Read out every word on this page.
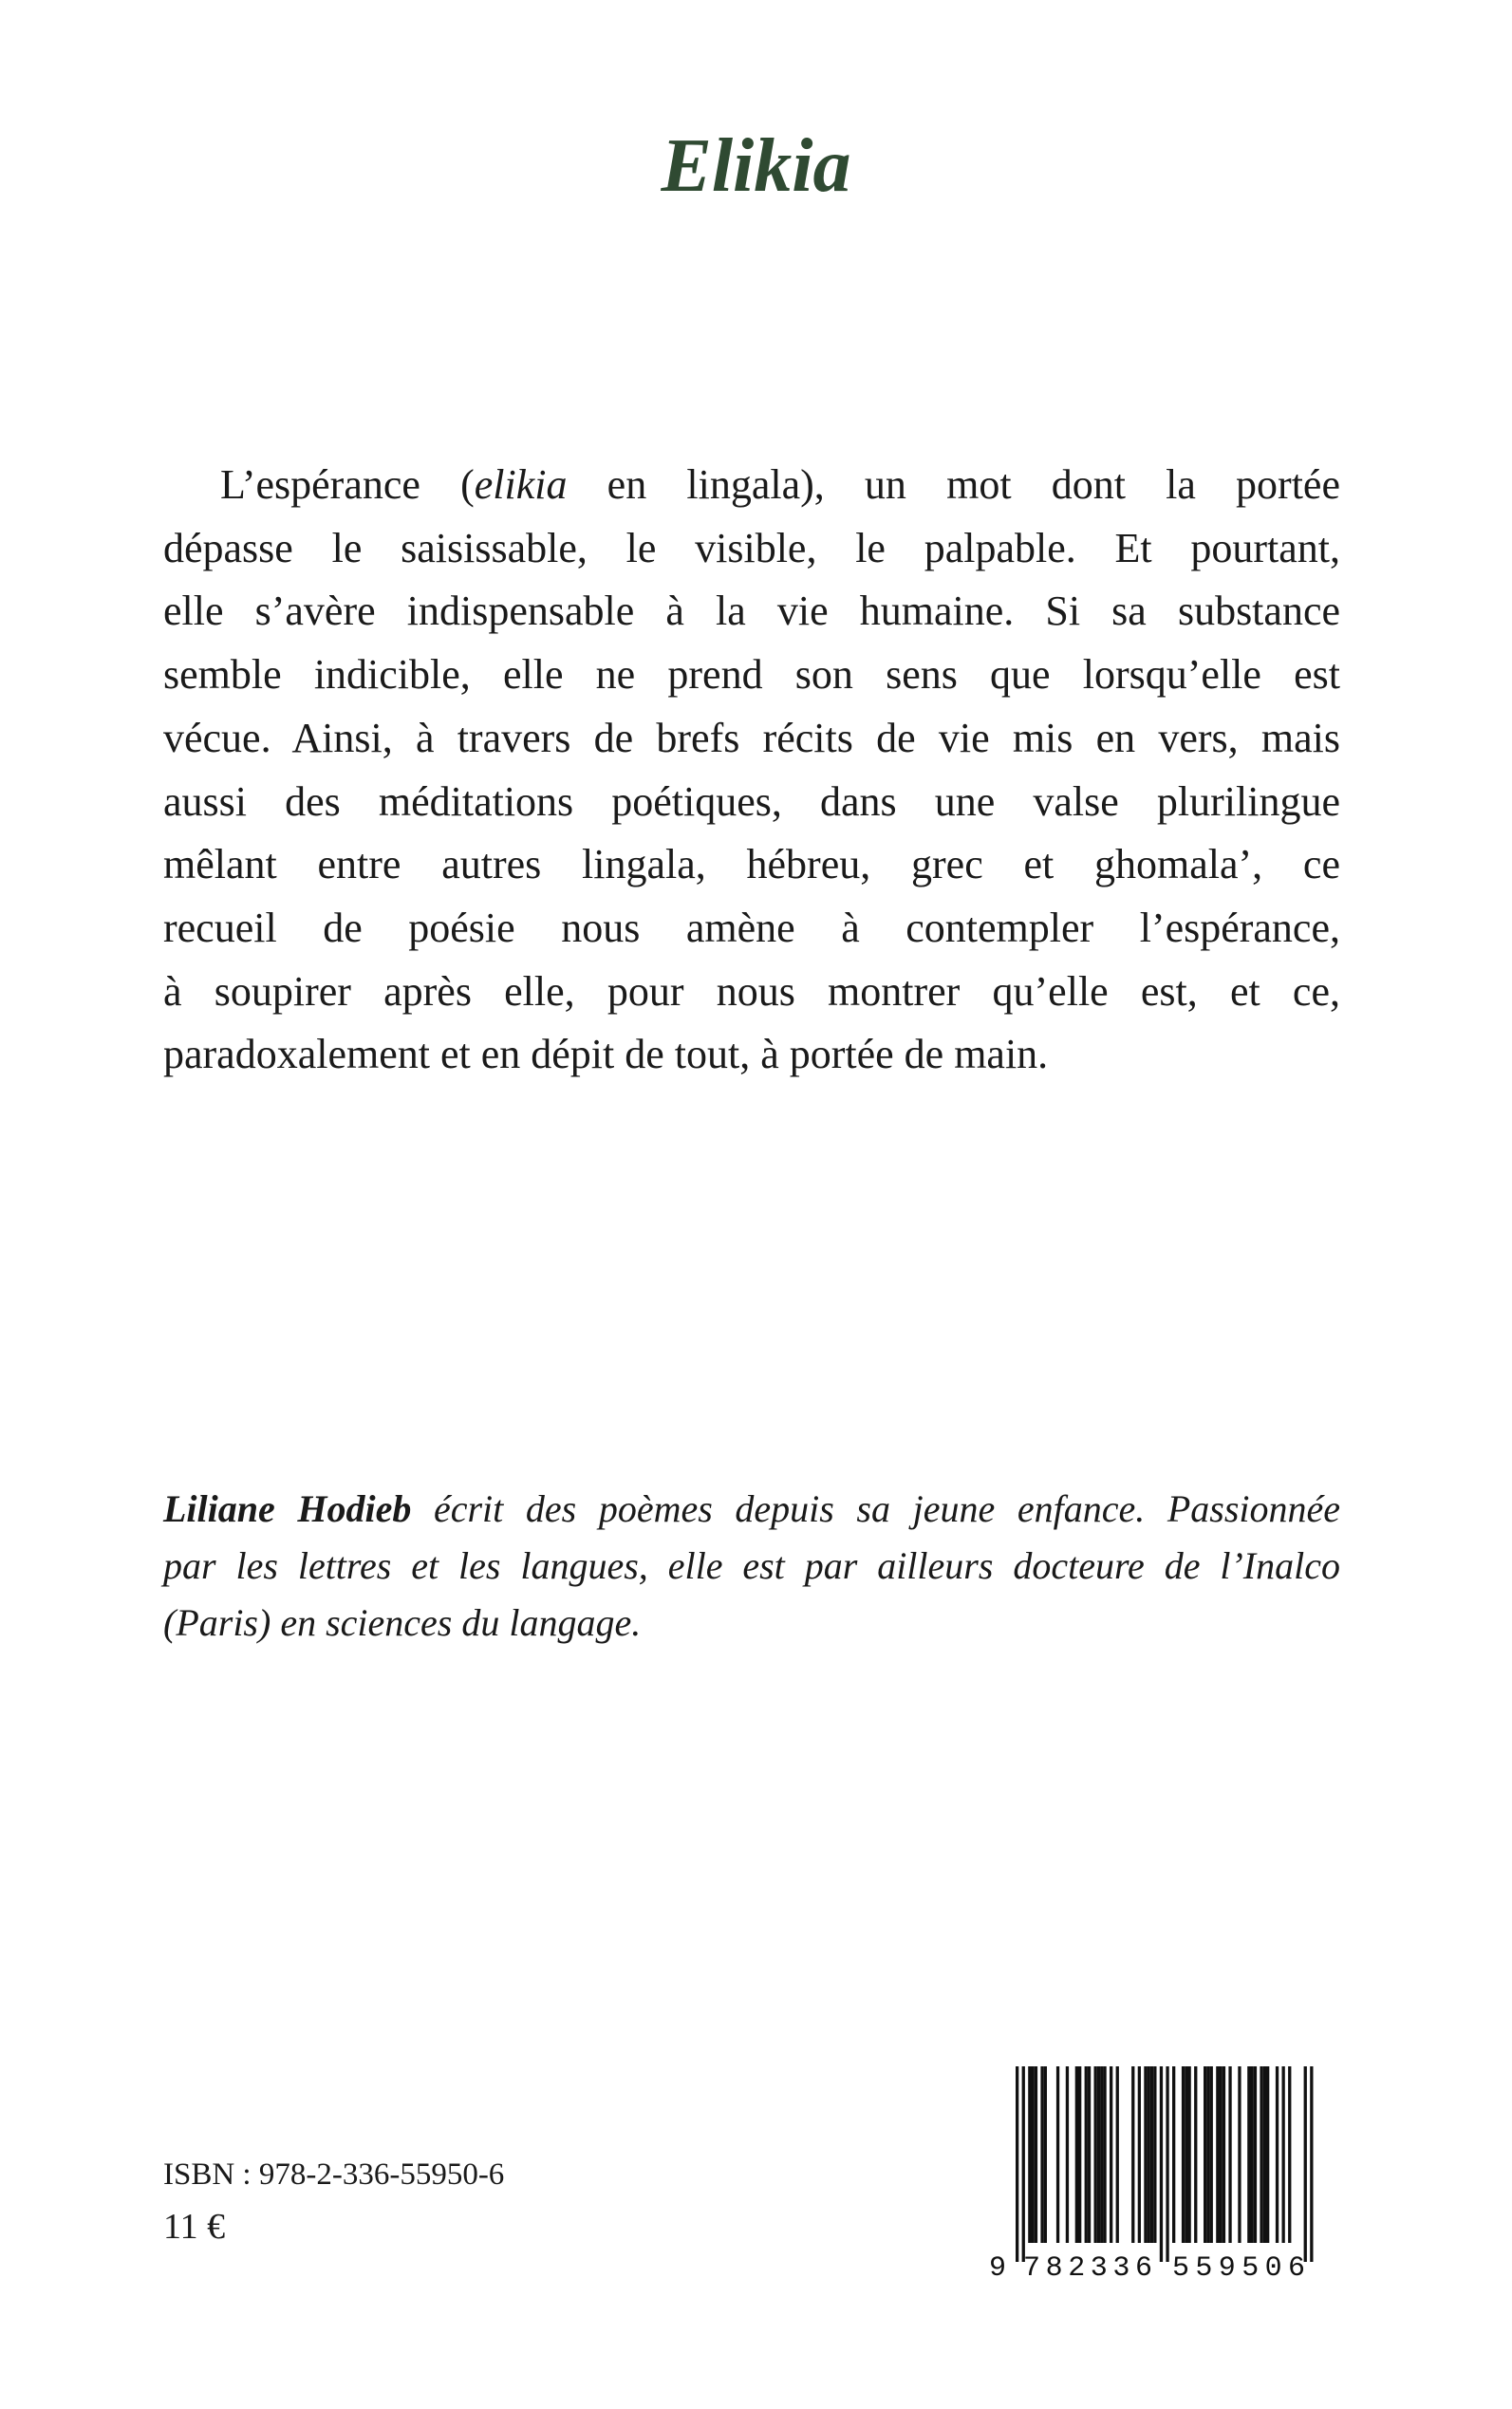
Elikia
L’espérance (elikia en lingala), un mot dont la portée
dépasse le saisissable, le visible, le palpable. Et pourtant,
elle s’avère indispensable à la vie humaine. Si sa substance
semble indicible, elle ne prend son sens que lorsqu’elle est
vécue. Ainsi, à travers de brefs récits de vie mis en vers, mais
aussi des méditations poétiques, dans une valse plurilingue
mêlant entre autres lingala, hébreu, grec et ghomala’, ce
recueil de poésie nous amène à contempler l’espérance,
à soupirer après elle, pour nous montrer qu’elle est, et ce,
paradoxalement et en dépit de tout, à portée de main.
Liliane Hodieb écrit des poèmes depuis sa jeune enfance. Passionnée
par les lettres et les langues, elle est par ailleurs docteure de l’Inalco
(Paris) en sciences du langage.
ISBN : 978-2-336-55950-6
11 €
9 782336 559506
